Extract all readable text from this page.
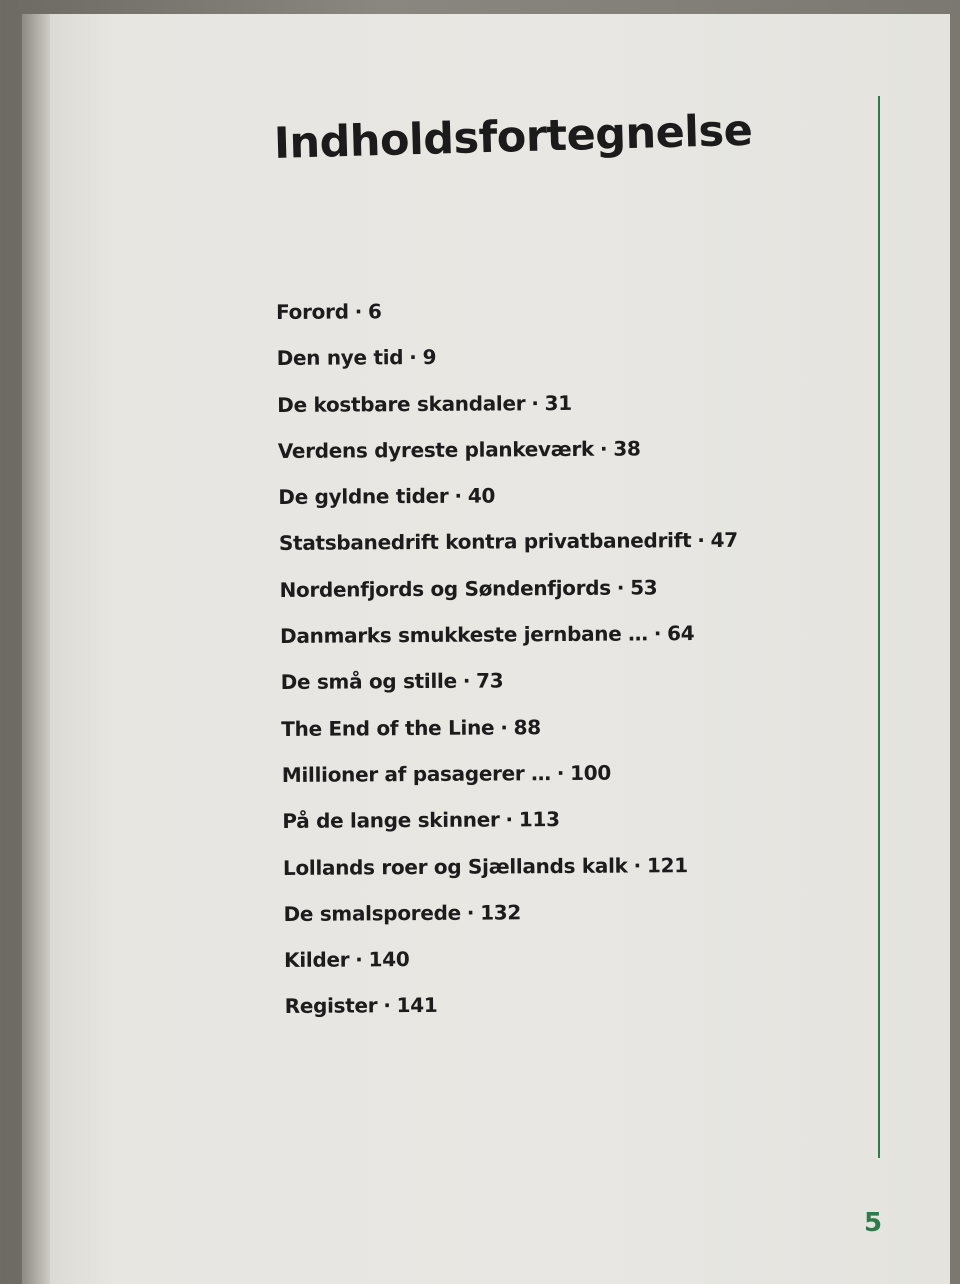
Indholdsfortegnelse
Forord · 6
Den nye tid · 9
De kostbare skandaler · 31
Verdens dyreste plankeværk · 38
De gyldne tider · 40
Statsbanedrift kontra privatbanedrift · 47
Nordenfjords og Søndenfjords · 53
Danmarks smukkeste jernbane … · 64
De små og stille · 73
The End of the Line · 88
Millioner af pasagerer … · 100
På de lange skinner · 113
Lollands roer og Sjællands kalk · 121
De smalsporede · 132
Kilder · 140
Register · 141
5
